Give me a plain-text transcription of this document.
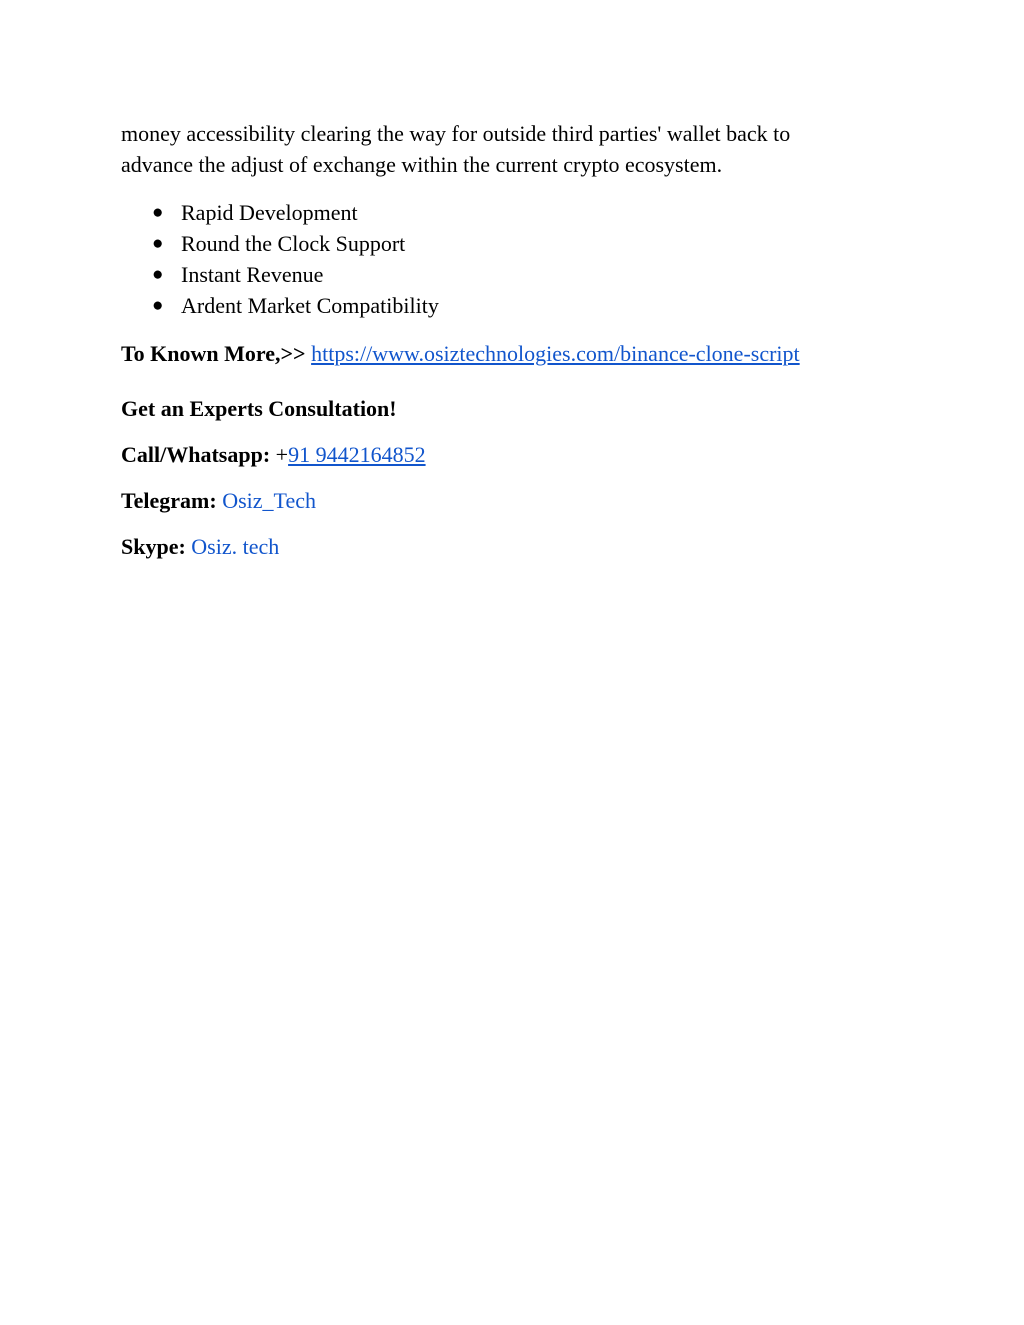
money accessibility clearing the way for outside third parties' wallet back to
advance the adjust of exchange within the current crypto ecosystem.

● Rapid Development
● Round the Clock Support
● Instant Revenue
● Ardent Market Compatibility

To Known More,>> https://www.osiztechnologies.com/binance-clone-script

Get an Experts Consultation!

Call/Whatsapp: +91 9442164852

Telegram: Osiz_Tech

Skype: Osiz. tech
